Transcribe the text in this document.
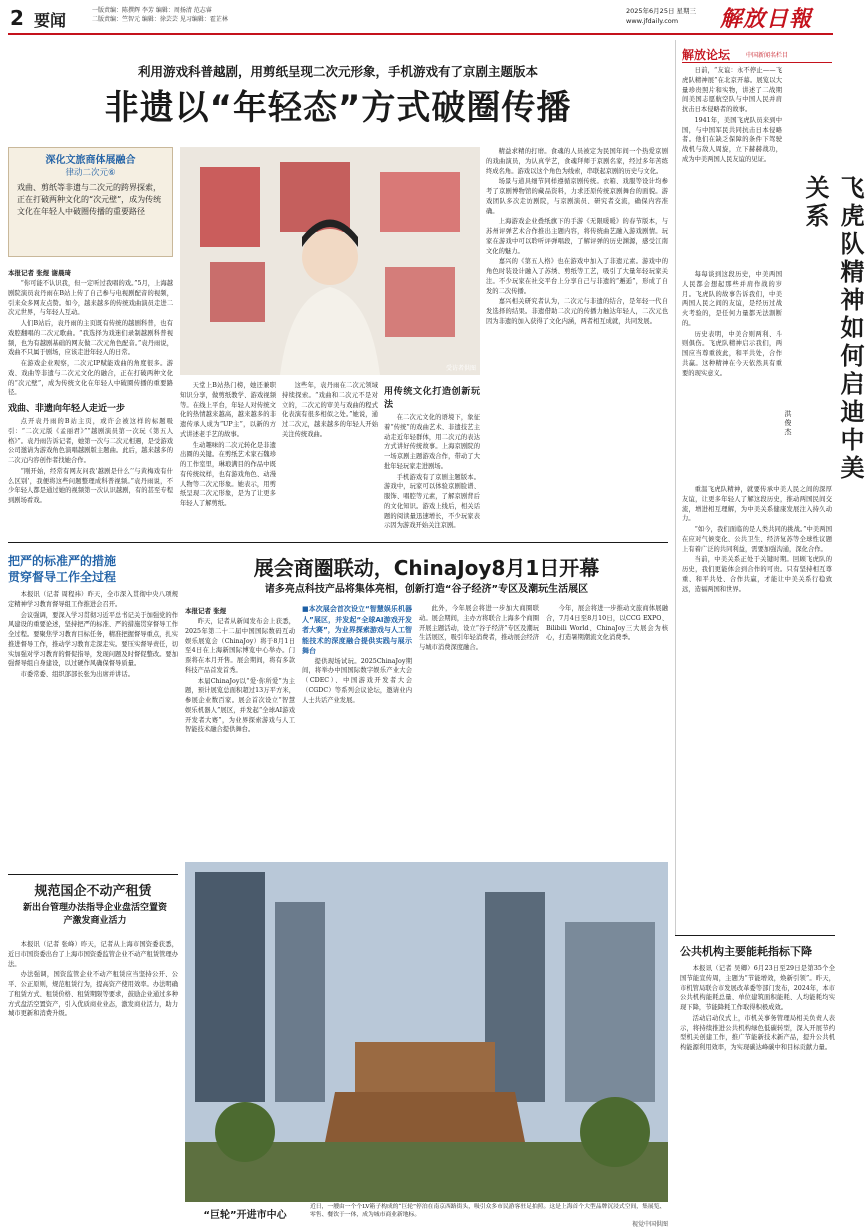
2 要闻
一版责编：陈撰辉 李芳 编辑：周扬清 范志睿
二版责编：竺智元 编辑：徐芸芸 见习编辑：霍芷林
2025年6月25日 星期三
www.jfdaily.com 解放日報
利用游戏科普越剧，用剪纸呈现二次元形象，手机游戏有了京剧主题版本
非遗以“年轻态”方式破圈传播
深化文旅商体展融合
律动二次元⑥
戏曲、剪纸等非遗与二次元的跨界探索，正在打破两种文化的“次元壁”，成为传统文化在年轻人中破圈传播的重要路径
本报记者 张煜 谢晨琦

“你可能不认识我，但一定听过我唱的戏。”5月，上海越剧院演员袁丹雨在B站上传了自己参与电视剧配音的视频，引来众多网友点赞。如今，越来越多的传统戏曲演员走进二次元世界，与年轻人互动。

人们B站后，袁丹雨的主页既有传统的越剧科普，也有戏腔翻唱的二次元歌曲。“我选择为戏迷们录制越剧科普视频，也为有越剧基础的网友做二次元角色配音。”袁丹雨说，戏曲不只属于剧场，应该走进年轻人的日常。

在游戏企业观察，二次元IP赋能戏曲的角度很多。游戏、戏曲等非遗与二次元文化的融合，正在打破两种文化的“次元壁”，成为传统文化在年轻人中破圈传播的重要路径。

戏曲、非遗向年轻人走近一步

点开袁丹雨的B站主页，或许会被这样的标题吸引：“二次元版《孟丽君》”“越剧演员第一次玩《第五人格》”。袁丹雨告诉记者，她第一次与二次元相遇，是受游戏公司邀请为游戏角色演唱越剧版主题曲。此后，越来越多的二次元内容创作者找她合作。

“刚开始，经常有网友问我‘越剧是什么’‘与黄梅戏有什么区别’，我便将这些问题整理成科普视频。”袁丹雨说，不少年轻人都是通过她的视频第一次认识越剧，有的甚至专程到剧场看戏。

受访者供图

天堂上B站热门榜，她还兼职知识分享，做剪纸教学、游戏视频等。在线上平台，年轻人对传统文化的热情越来越高，越来越多的非遗传承人成为“UP主”，以新的方式讲述老手艺的故事。

生动趣味的二次元转化是非遗出圈的关键。在剪纸艺术家石魏珍的工作室里，琳琅满目的作品中既有传统纹样，也有游戏角色、动漫人物等二次元形象。她表示，用剪纸呈现二次元形象，是为了让更多年轻人了解剪纸。

这些年，袁丹雨在二次元领域持续探索。“戏曲和二次元不是对立的，二次元的审美与戏曲的程式化表演有很多相似之处。”她说，通过二次元，越来越多的年轻人开始关注传统戏曲。

用传统文化打造创新玩法

在二次元文化的语境下，象征着“传统”的戏曲艺术、非遗技艺主动走近年轻群体，用二次元的表达方式讲好传统故事。上海京剧院的一场京剧主题游戏合作，带动了大批年轻玩家走进剧场。

手机游戏有了京剧主题版本。游戏中，玩家可以体验京剧脸谱、服饰、唱腔等元素，了解京剧背后的文化知识。游戏上线后，相关话题的阅读量迅速增长，不少玩家表示因为游戏开始关注京剧。

精益求精的打磨。食魂的人员被定为民国年间一个热爱京剧的戏曲演员，为认真学艺，食魂拜师于京剧名家，经过多年苦练终成名角。游戏以这个角色为线索，串联起京剧的历史与文化。

场景与道具细节同样遵循京剧传统。衣箱、戏服等设计均参考了京剧博物馆的藏品资料，力求还原传统京剧舞台的面貌。游戏团队多次走访剧院，与京剧演员、研究者交流，确保内容准确。

上海游戏企业叠纸旗下的手游《无限暖暖》的春节版本，与苏州评弹艺术合作推出主题内容，将传统曲艺融入游戏剧情。玩家在游戏中可以聆听评弹唱段，了解评弹的历史渊源，感受江南文化的魅力。

嘉兴的《第五人格》也在游戏中加入了非遗元素。游戏中的角色时装设计融入了苏绣、剪纸等工艺，吸引了大量年轻玩家关注。不少玩家在社交平台上分享自己与非遗的“邂逅”，形成了自发的二次传播。

嘉兴相关研究者认为，二次元与非遗的结合，是年轻一代自发选择的结果。非遗借助二次元的传播力触达年轻人，二次元也因为非遗的加入获得了文化内涵，两者相互成就，共同发展。

把严的标准严的措施
贯穿督导工作全过程

本报讯（记者 周程祎）昨天，全市深入贯彻中央八项规定精神学习教育督导组工作推进会召开。

会议强调，要深入学习贯彻习近平总书记关于加强党的作风建设的重要论述，坚持把严的标准、严的措施贯穿督导工作全过程。要聚焦学习教育目标任务，精准把握督导重点，扎实推进督导工作，推动学习教育走深走实。要压实督导责任，切实加强对学习教育的督促指导，发现问题及时督促整改。要加强督导组自身建设，以过硬作风确保督导质量。

市委常委、组织部部长张为出席并讲话。

规范国企不动产租赁
新出台管理办法指导企业盘活空置资产激发商业活力

本报讯（记者 张峰）昨天，记者从上海市国资委获悉，近日市国资委出台了上海市国资委监管企业不动产租赁管理办法。

办法强调，国资监管企业不动产租赁应当坚持公开、公平、公正原则，规范租赁行为，提高资产使用效率。办法明确了租赁方式、租赁价格、租赁期限等要求，鼓励企业通过多种方式盘活空置资产，引入优质商业业态，激发商业活力，助力城市更新和消费升级。

展会商圈联动，ChinaJoy8月1日开幕
诸多亮点科技产品将集体亮相，创新打造“谷子经济”专区及潮玩生活展区
本报记者 张煜

昨天，记者从新闻发布会上获悉，2025年第二十二届中国国际数码互动娱乐展览会（ChinaJoy）将于8月1日至4日在上海新国际博览中心举办。门票将在本月开售。展会期间，将有多款科技产品首发首秀。

本届ChinaJoy以“爱·你所爱”为主题，预计展览总面积超过13万平方米，参展企业数百家。展会首次设立“智慧娱乐机器人”展区，并发起“全球AI游戏开发者大赛”，为业界探索游戏与人工智能技术融合提供舞台。

■本次展会首次设立“智慧娱乐机器人”展区，并发起“全球AI游戏开发者大赛”，为业界探索游戏与人工智能技术的深度融合提供实践与展示舞台

提供现场试玩。2025ChinaJoy期间，将举办中国国际数字娱乐产业大会（CDEC）、中国游戏开发者大会（CGDC）等系列会议论坛，邀请业内人士共话产业发展。

此外，今年展会将进一步加大商圈联动。展会期间，主办方将联合上海多个商圈开展主题活动，设立“谷子经济”专区及潮玩生活展区，吸引年轻消费者，推动展会经济与城市消费深度融合。

今年，展会将进一步推动文旅商体展融合，7月4日至8月10日，以CCG EXPO、Bilibili World、ChinaJoy三大展会为核心，打造暑期潮流文化消费季。

“巨轮”开进市中心
近日，一艘由一个个LV箱子构成的“巨轮”停泊在南京西路街头，吸引众多市民游客驻足拍照。这是上海首个大型品牌沉浸式空间，集展览、零售、餐饮于一体，成为城市商业新地标。
视觉中国供图
解放论坛	中国新闻名栏目

日前，“友谊：永不停止——飞虎队精神展”在北京开幕。展览以大量珍贵照片和实物，讲述了二战期间美国志愿航空队与中国人民并肩抗击日本侵略者的故事。

1941年，美国飞虎队员来到中国，与中国军民共同抗击日本侵略者。他们在缺乏保障的条件下驾驶战机与敌人周旋，立下赫赫战功，成为中美两国人民友谊的见证。

飞虎队精神如何启迪中美关系
洪俊杰

每每谈到这段历史，中美两国人民都会想起那些并肩作战的岁月。飞虎队的故事告诉我们，中美两国人民之间的友谊，是经历过战火考验的，是任何力量都无法割断的。

历史表明，中美合则两利、斗则俱伤。飞虎队精神启示我们，两国应当尊重彼此，和平共处，合作共赢。这种精神在今天依然具有重要的现实意义。

重温飞虎队精神，就要传承中美人民之间的深厚友谊，让更多年轻人了解这段历史，推动两国民间交流，增进相互理解，为中美关系健康发展注入持久动力。

“如今，我们面临的是人类共同的挑战。”中美两国在应对气候变化、公共卫生、经济复苏等全球性议题上有着广泛的共同利益，需要加强沟通，深化合作。

当前，中美关系正处于关键时期。回顾飞虎队的历史，我们更能体会到合作的可贵。只有坚持相互尊重、和平共处、合作共赢，才能让中美关系行稳致远，造福两国和世界。

公共机构主要能耗指标下降

本报讯（记者 吴卿）6月23日至29日是第35个全国节能宣传周，主题为“节能增效，焕新引领”。昨天，市机管局联合市发展改革委等部门发布，2024年，本市公共机构能耗总量、单位建筑面积能耗、人均能耗均实现下降，节能降耗工作取得积极成效。

活动启动仪式上，市机关事务管理局相关负责人表示，将持续推进公共机构绿色低碳转型，深入开展节约型机关创建工作，推广节能新技术新产品，提升公共机构能源利用效率，为实现碳达峰碳中和目标贡献力量。
